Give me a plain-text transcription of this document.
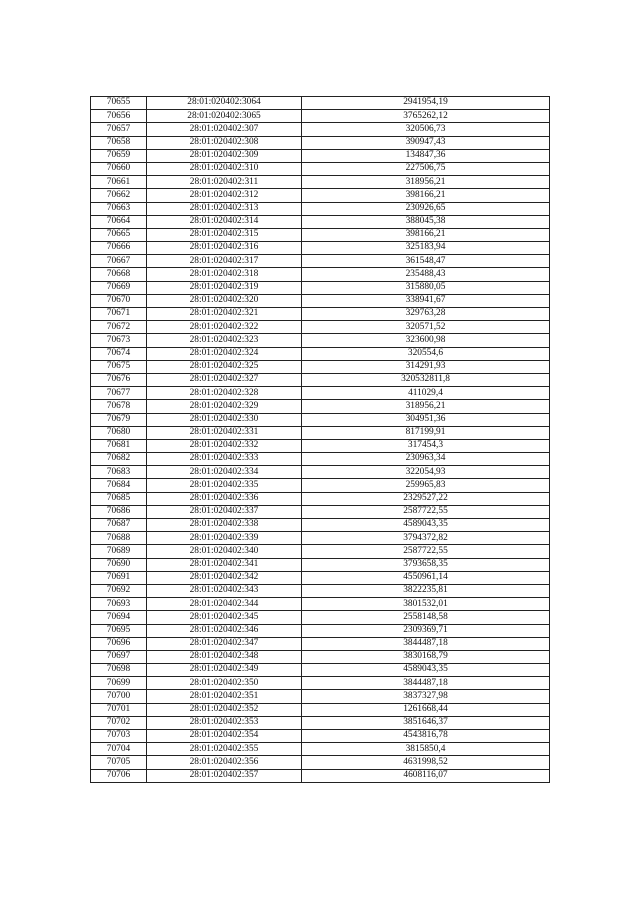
70655	28:01:020402:3064	2941954,19
70656	28:01:020402:3065	3765262,12
70657	28:01:020402:307	320506,73
70658	28:01:020402:308	390947,43
70659	28:01:020402:309	134847,36
70660	28:01:020402:310	227506,75
70661	28:01:020402:311	318956,21
70662	28:01:020402:312	398166,21
70663	28:01:020402:313	230926,65
70664	28:01:020402:314	388045,38
70665	28:01:020402:315	398166,21
70666	28:01:020402:316	325183,94
70667	28:01:020402:317	361548,47
70668	28:01:020402:318	235488,43
70669	28:01:020402:319	315880,05
70670	28:01:020402:320	338941,67
70671	28:01:020402:321	329763,28
70672	28:01:020402:322	320571,52
70673	28:01:020402:323	323600,98
70674	28:01:020402:324	320554,6
70675	28:01:020402:325	314291,93
70676	28:01:020402:327	320532811,8
70677	28:01:020402:328	411029,4
70678	28:01:020402:329	318956,21
70679	28:01:020402:330	304951,36
70680	28:01:020402:331	817199,91
70681	28:01:020402:332	317454,3
70682	28:01:020402:333	230963,34
70683	28:01:020402:334	322054,93
70684	28:01:020402:335	259965,83
70685	28:01:020402:336	2329527,22
70686	28:01:020402:337	2587722,55
70687	28:01:020402:338	4589043,35
70688	28:01:020402:339	3794372,82
70689	28:01:020402:340	2587722,55
70690	28:01:020402:341	3793658,35
70691	28:01:020402:342	4550961,14
70692	28:01:020402:343	3822235,81
70693	28:01:020402:344	3801532,01
70694	28:01:020402:345	2558148,58
70695	28:01:020402:346	2309369,71
70696	28:01:020402:347	3844487,18
70697	28:01:020402:348	3830168,79
70698	28:01:020402:349	4589043,35
70699	28:01:020402:350	3844487,18
70700	28:01:020402:351	3837327,98
70701	28:01:020402:352	1261668,44
70702	28:01:020402:353	3851646,37
70703	28:01:020402:354	4543816,78
70704	28:01:020402:355	3815850,4
70705	28:01:020402:356	4631998,52
70706	28:01:020402:357	4608116,07
